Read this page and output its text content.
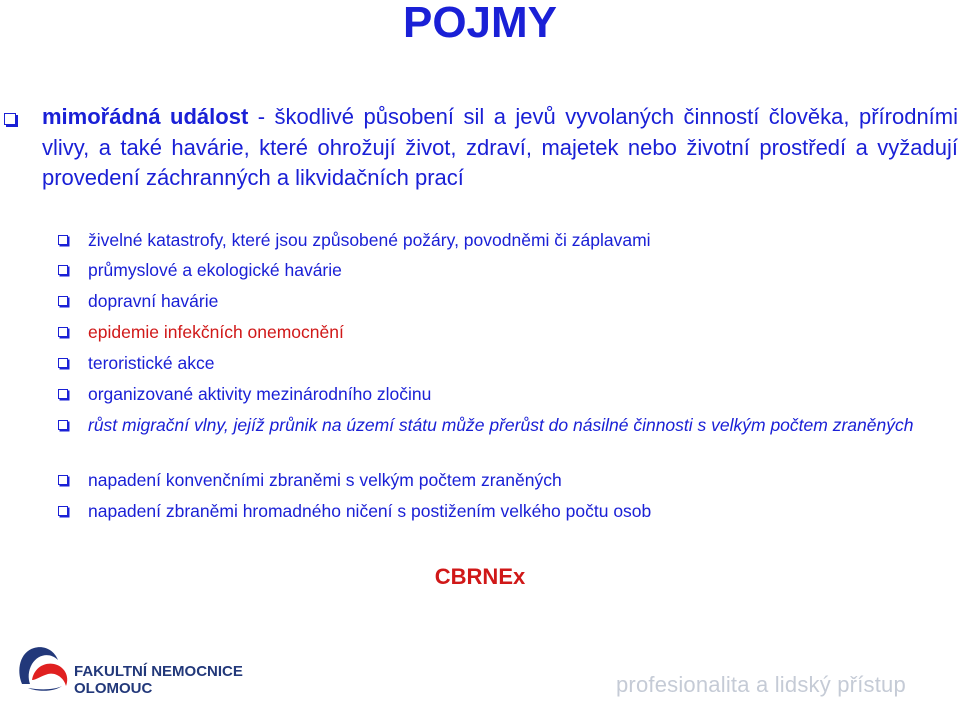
POJMY
mimořádná událost - škodlivé působení sil a jevů vyvolaných činností člověka, přírodními vlivy, a také havárie, které ohrožují život, zdraví, majetek nebo životní prostředí a vyžadují provedení záchranných a likvidačních prací
živelné katastrofy, které jsou způsobené požáry, povodněmi či záplavami
průmyslové a ekologické havárie
dopravní havárie
epidemie infekčních onemocnění
teroristické akce
organizované aktivity mezinárodního zločinu
růst migrační vlny, jejíž průnik na území státu může přerůst do násilné činnosti s velkým počtem zraněných
napadení konvenčními zbraněmi s velkým počtem zraněných
napadení zbraněmi hromadného ničení s postižením velkého počtu osob
CBRNEx
FAKULTNÍ NEMOCNICE
OLOMOUC	profesionalita a lidský přístup
